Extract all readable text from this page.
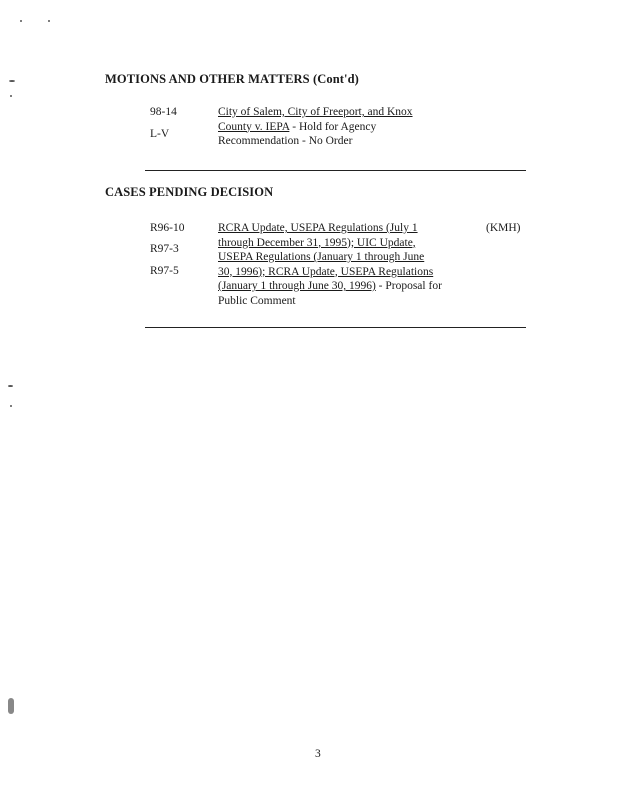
MOTIONS AND OTHER MATTERS (Cont'd)
98-14
L-V
City of Salem, City of Freeport, and Knox
County v. IEPA - Hold for Agency
Recommendation - No Order
CASES PENDING DECISION
R96-10
R97-3
R97-5
RCRA Update, USEPA Regulations (July 1
through December 31, 1995); UIC Update,
USEPA Regulations (January 1 through June
30, 1996); RCRA Update, USEPA Regulations
(January 1 through June 30, 1996) - Proposal for
Public Comment
(KMH)
3
